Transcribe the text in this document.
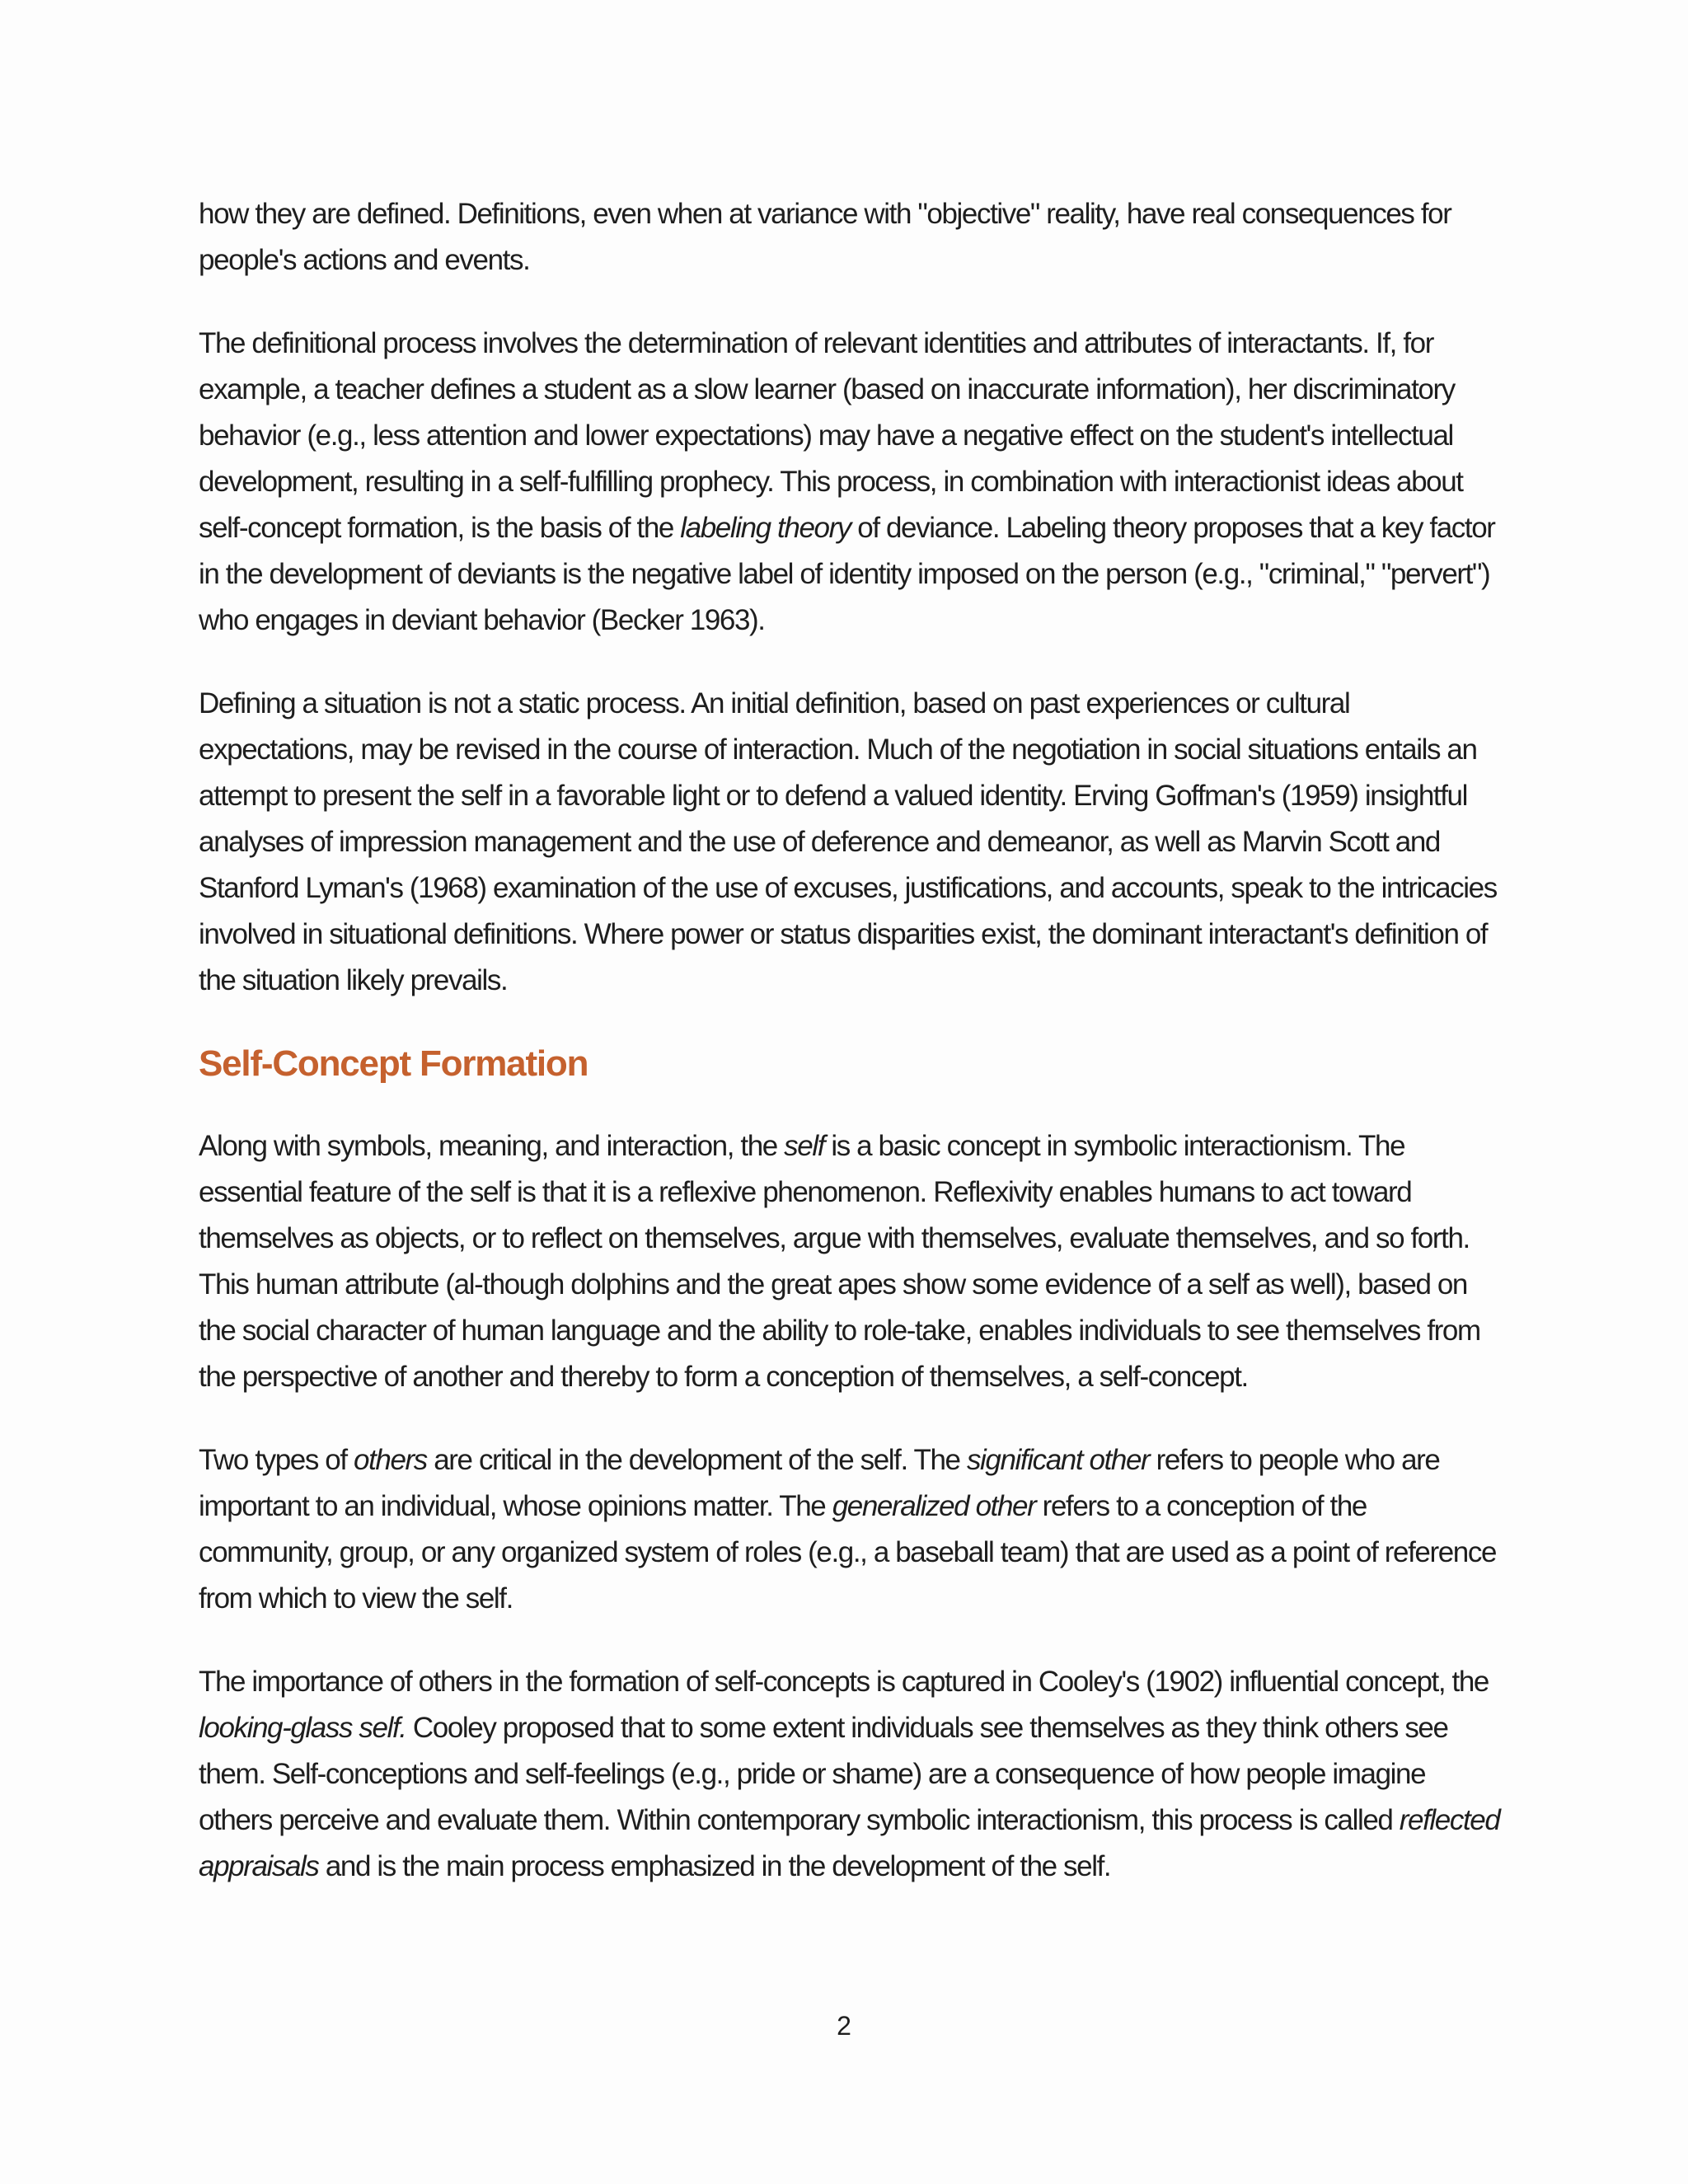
how they are defined. Definitions, even when at variance with "objective" reality, have real consequences for people's actions and events.

The definitional process involves the determination of relevant identities and attributes of interactants. If, for example, a teacher defines a student as a slow learner (based on inaccurate information), her discriminatory behavior (e.g., less attention and lower expectations) may have a negative effect on the student's intellectual development, resulting in a self-fulfilling prophecy. This process, in combination with interactionist ideas about self-concept formation, is the basis of the labeling theory of deviance. Labeling theory proposes that a key factor in the development of deviants is the negative label of identity imposed on the person (e.g., "criminal," "pervert") who engages in deviant behavior (Becker 1963).

Defining a situation is not a static process. An initial definition, based on past experiences or cultural expectations, may be revised in the course of interaction. Much of the negotiation in social situations entails an attempt to present the self in a favorable light or to defend a valued identity. Erving Goffman's (1959) insightful analyses of impression management and the use of deference and demeanor, as well as Marvin Scott and Stanford Lyman's (1968) examination of the use of excuses, justifications, and accounts, speak to the intricacies involved in situational definitions. Where power or status disparities exist, the dominant interactant's definition of the situation likely prevails.

Self-Concept Formation

Along with symbols, meaning, and interaction, the self is a basic concept in symbolic interactionism. The essential feature of the self is that it is a reflexive phenomenon. Reflexivity enables humans to act toward themselves as objects, or to reflect on themselves, argue with themselves, evaluate themselves, and so forth. This human attribute (al-though dolphins and the great apes show some evidence of a self as well), based on the social character of human language and the ability to role-take, enables individuals to see themselves from the perspective of another and thereby to form a conception of themselves, a self-concept.

Two types of others are critical in the development of the self. The significant other refers to people who are important to an individual, whose opinions matter. The generalized other refers to a conception of the community, group, or any organized system of roles (e.g., a baseball team) that are used as a point of reference from which to view the self.

The importance of others in the formation of self-concepts is captured in Cooley's (1902) influential concept, the looking-glass self. Cooley proposed that to some extent individuals see themselves as they think others see them. Self-conceptions and self-feelings (e.g., pride or shame) are a consequence of how people imagine others perceive and evaluate them. Within contemporary symbolic interactionism, this process is called reflected appraisals and is the main process emphasized in the development of the self.

2
